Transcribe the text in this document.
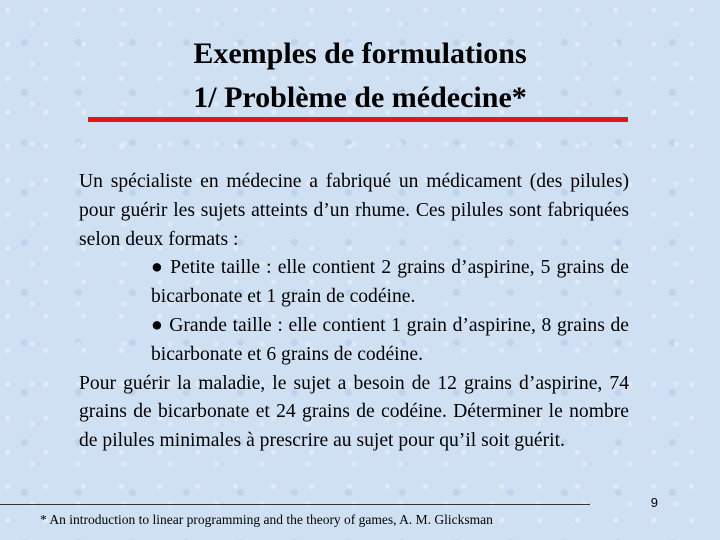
Exemples de formulations
1/ Problème de médecine*

Un spécialiste en médecine a fabriqué un médicament (des pilules) pour guérir les sujets atteints d’un rhume. Ces pilules sont fabriquées selon deux formats :

● Petite taille : elle contient 2 grains d’aspirine, 5 grains de bicarbonate et 1 grain de codéine.

● Grande taille : elle contient 1 grain d’aspirine, 8 grains de bicarbonate et 6 grains de codéine.

Pour guérir la maladie, le sujet a besoin de 12 grains d’aspirine, 74 grains de bicarbonate et 24 grains de codéine. Déterminer le nombre de pilules minimales à prescrire au sujet pour qu’il soit guérit.

9
* An introduction to linear programming and the theory of games, A. M. Glicksman
